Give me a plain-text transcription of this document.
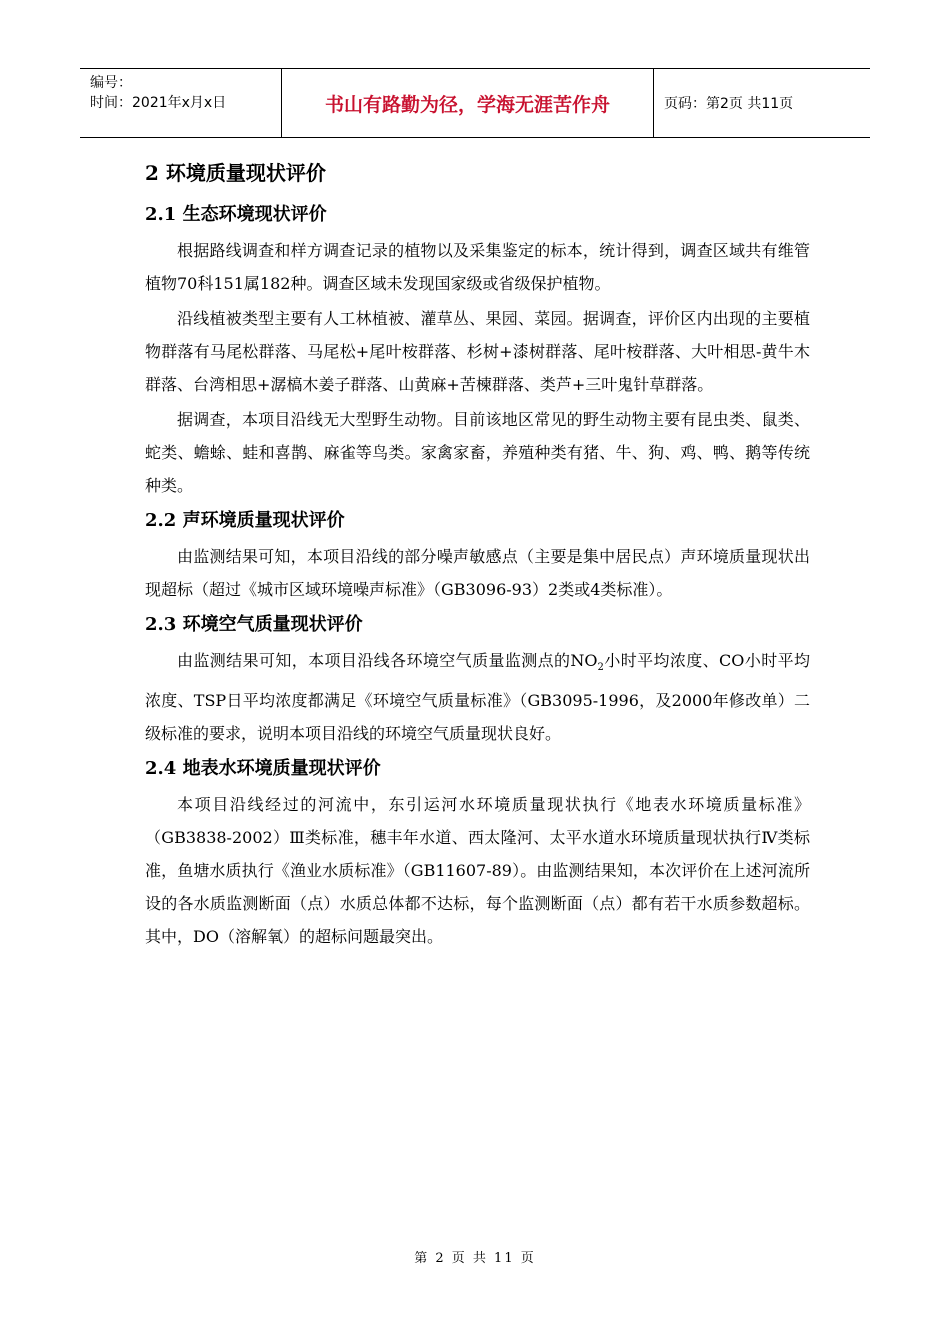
编号：
时间：2021年x月x日	书山有路勤为径，学海无涯苦作舟	页码：第2页 共11页
2 环境质量现状评价
2.1 生态环境现状评价

根据路线调查和样方调查记录的植物以及采集鉴定的标本，统计得到，调查区域共有维管植物70科151属182种。调查区域未发现国家级或省级保护植物。

沿线植被类型主要有人工林植被、灌草丛、果园、菜园。据调查，评价区内出现的主要植物群落有马尾松群落、马尾松+尾叶桉群落、杉树+漆树群落、尾叶桉群落、大叶相思-黄牛木群落、台湾相思+潺槁木姜子群落、山黄麻+苦楝群落、类芦+三叶鬼针草群落。

据调查，本项目沿线无大型野生动物。目前该地区常见的野生动物主要有昆虫类、鼠类、蛇类、蟾蜍、蛙和喜鹊、麻雀等鸟类。家禽家畜，养殖种类有猪、牛、狗、鸡、鸭、鹅等传统种类。

2.2 声环境质量现状评价

由监测结果可知，本项目沿线的部分噪声敏感点（主要是集中居民点）声环境质量现状出现超标（超过《城市区域环境噪声标准》（GB3096-93）2类或4类标准）。

2.3 环境空气质量现状评价

由监测结果可知，本项目沿线各环境空气质量监测点的$NO_2$小时平均浓度、CO小时平均浓度、TSP日平均浓度都满足《环境空气质量标准》（GB3095-1996，及2000年修改单）二级标准的要求，说明本项目沿线的环境空气质量现状良好。

2.4 地表水环境质量现状评价

本项目沿线经过的河流中，东引运河水环境质量现状执行《地表水环境质量标准》（GB3838-2002）Ⅲ类标准，穗丰年水道、西太隆河、太平水道水环境质量现状执行Ⅳ类标准，鱼塘水质执行《渔业水质标准》（GB11607-89）。由监测结果知，本次评价在上述河流所设的各水质监测断面（点）水质总体都不达标，每个监测断面（点）都有若干水质参数超标。其中，DO（溶解氧）的超标问题最突出。

第 2 页 共 11 页
